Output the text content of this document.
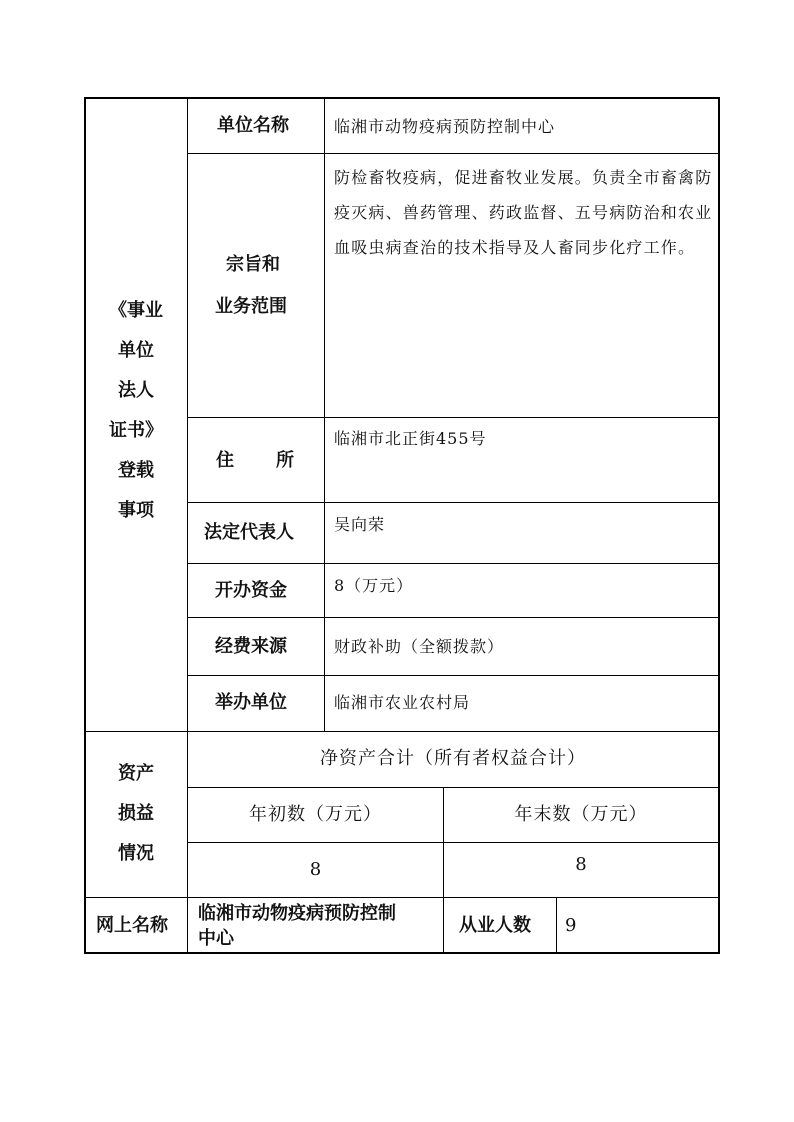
《事业
单位
法人
证书》
登载
事项
资产
损益
情况
单位名称
宗旨和
业务范围
住　　所
法定代表人
开办资金
经费来源
举办单位
临湘市动物疫病预防控制中心
防检畜牧疫病，促进畜牧业发展。负责全市畜禽防疫灭病、兽药管理、药政监督、五号病防治和农业血吸虫病查治的技术指导及人畜同步化疗工作。
临湘市北正街455号
吴向荣
8（万元）
财政补助（全额拨款）
临湘市农业农村局
净资产合计（所有者权益合计）
年初数（万元）	年末数（万元）
8	8
网上名称
临湘市动物疫病预防控制
中心
从业人数 9
